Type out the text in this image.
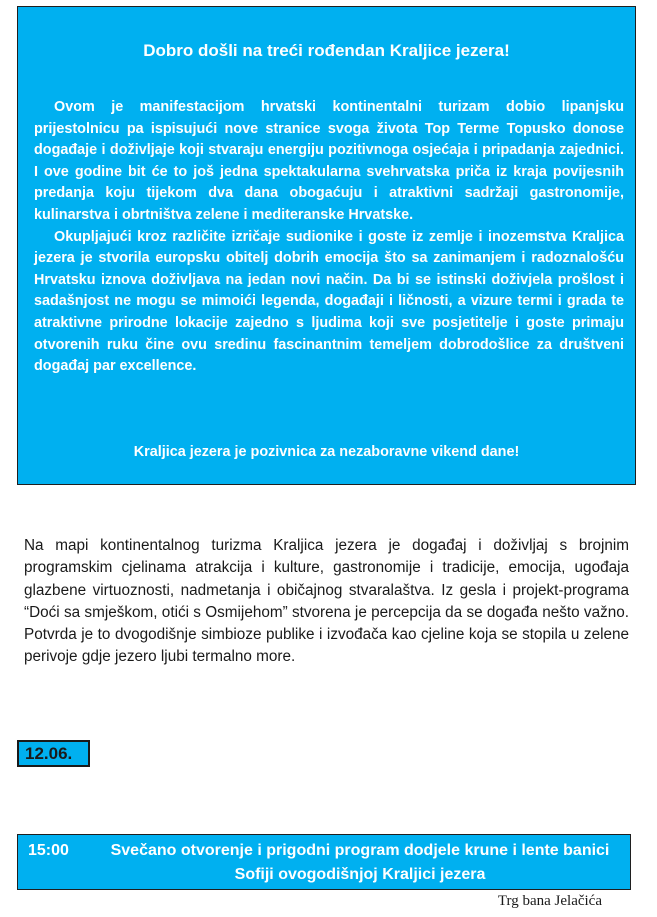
Dobro došli na treći rođendan Kraljice jezera!

Ovom je manifestacijom hrvatski kontinentalni turizam dobio lipanjsku prijestolnicu pa ispisujući nove stranice svoga života Top Terme Topusko donose događaje i doživljaje koji stvaraju energiju pozitivnoga osjećaja i pripadanja zajednici. I ove godine bit će to još jedna spektakularna svehrvatska priča iz kraja povijesnih predanja koju tijekom dva dana obogaćuju i atraktivni sadržaji gastronomije, kulinarstva i obrtništva zelene i mediteranske Hrvatske.

Okupljajući kroz različite izričaje sudionike i goste iz zemlje i inozemstva Kraljica jezera je stvorila europsku obitelj dobrih emocija što sa zanimanjem i radoznalošću Hrvatsku iznova doživljava na jedan novi način. Da bi se istinski doživjela prošlost i sadašnjost ne mogu se mimoići legenda, događaji i ličnosti, a vizure termi i grada te atraktivne prirodne lokacije zajedno s ljudima koji sve posjetitelje i goste primaju otvorenih ruku čine ovu sredinu fascinantnim temeljem dobrodošlice za društveni događaj par excellence.

Kraljica jezera je pozivnica za nezaboravne vikend dane!

Na mapi kontinentalnog turizma Kraljica jezera je događaj i doživljaj s brojnim programskim cjelinama atrakcija i kulture, gastronomije i tradicije, emocija, ugođaja glazbene virtuoznosti, nadmetanja i običajnog stvaralaštva. Iz gesla i projekt-programa “Doći sa smješkom, otići s Osmijehom” stvorena je percepcija da se događa nešto važno. Potvrda je to dvogodišnje simbioze publike i izvođača kao cjeline koja se stopila u zelene perivoje gdje jezero ljubi termalno more.

12.06.
15:00	Svečano otvorenje i prigodni program dodjele krune i lente banici Sofiji ovogodišnjoj Kraljici jezera
Trg bana Jelačića
